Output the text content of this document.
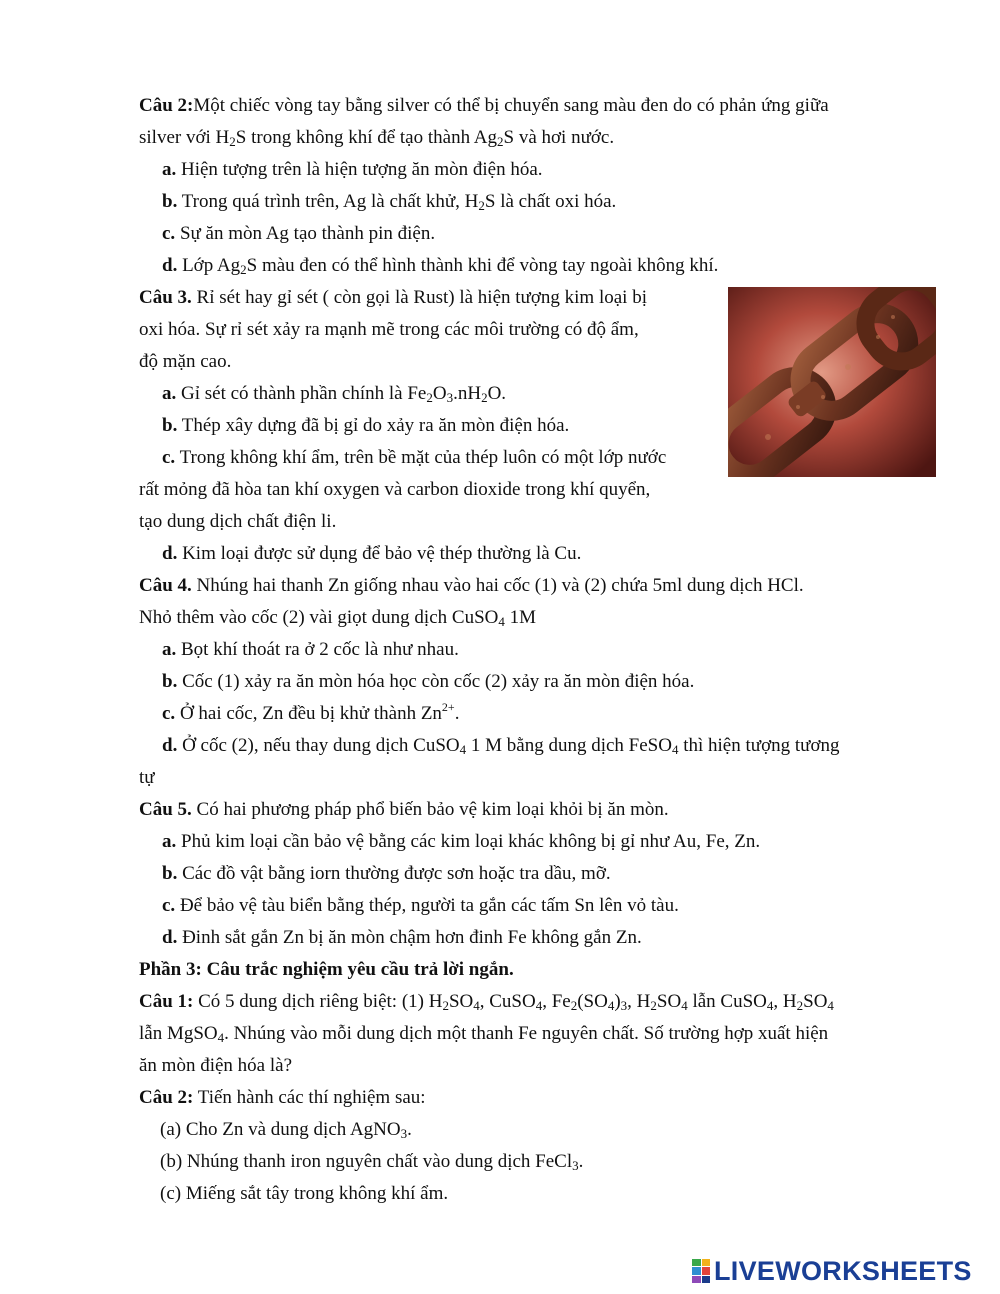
Câu 2:Một chiếc vòng tay bằng silver có thể bị chuyển sang màu đen do có phản ứng giữa
silver với $H_2S$ trong không khí để tạo thành $Ag_2S$ và hơi nước.
a. Hiện tượng trên là hiện tượng ăn mòn điện hóa.
b. Trong quá trình trên, Ag là chất khử, $H_2S$ là chất oxi hóa.
c. Sự ăn mòn Ag tạo thành pin điện.
d. Lớp $Ag_2S$ màu đen có thể hình thành khi để vòng tay ngoài không khí.
Câu 3. Rỉ sét hay gỉ sét ( còn gọi là Rust) là hiện tượng kim loại bị
oxi hóa. Sự rỉ sét xảy ra mạnh mẽ trong các môi trường có độ ẩm,
độ mặn cao.
a. Gỉ sét có thành phần chính là $Fe_2O_3.nH_2O$.
b. Thép xây dựng đã bị gỉ do xảy ra ăn mòn điện hóa.
c. Trong không khí ẩm, trên bề mặt của thép luôn có một lớp nước
rất mỏng đã hòa tan khí oxygen và carbon dioxide trong khí quyển,
tạo dung dịch chất điện li.
d. Kim loại được sử dụng để bảo vệ thép thường là Cu.
Câu 4. Nhúng hai thanh Zn giống nhau vào hai cốc (1) và (2) chứa 5ml dung dịch HCl.
Nhỏ thêm vào cốc (2) vài giọt dung dịch CuSO$_4$ 1M
a. Bọt khí thoát ra ở 2 cốc là như nhau.
b. Cốc (1) xảy ra ăn mòn hóa học còn cốc (2) xảy ra ăn mòn điện hóa.
c. Ở hai cốc, Zn đều bị khử thành $Zn^{2+}$.
d. Ở cốc (2), nếu thay dung dịch CuSO$_4$ 1 M bằng dung dịch FeSO$_4$ thì hiện tượng tương
tự
Câu 5. Có hai phương pháp phổ biến bảo vệ kim loại khỏi bị ăn mòn.
a. Phủ kim loại cần bảo vệ bằng các kim loại khác không bị gỉ như Au, Fe, Zn.
b. Các đồ vật bằng iorn thường được sơn hoặc tra dầu, mỡ.
c. Để bảo vệ tàu biển bằng thép, người ta gắn các tấm Sn lên vỏ tàu.
d. Đinh sắt gắn Zn bị ăn mòn chậm hơn đinh Fe không gắn Zn.
Phần 3: Câu trắc nghiệm yêu cầu trả lời ngắn.
Câu 1: Có 5 dung dịch riêng biệt: (1) $H_2SO_4$, CuSO$_4$, $Fe_2(SO_4)_3$, $H_2SO_4$ lẫn CuSO$_4$, $H_2SO_4$
lẫn MgSO$_4$. Nhúng vào mỗi dung dịch một thanh Fe nguyên chất. Số trường hợp xuất hiện
ăn mòn điện hóa là?
Câu 2: Tiến hành các thí nghiệm sau:
(a) Cho Zn và dung dịch AgNO$_3$.
(b) Nhúng thanh iron nguyên chất vào dung dịch FeCl$_3$.
(c) Miếng sắt tây trong không khí ẩm.
LIVEWORKSHEETS
